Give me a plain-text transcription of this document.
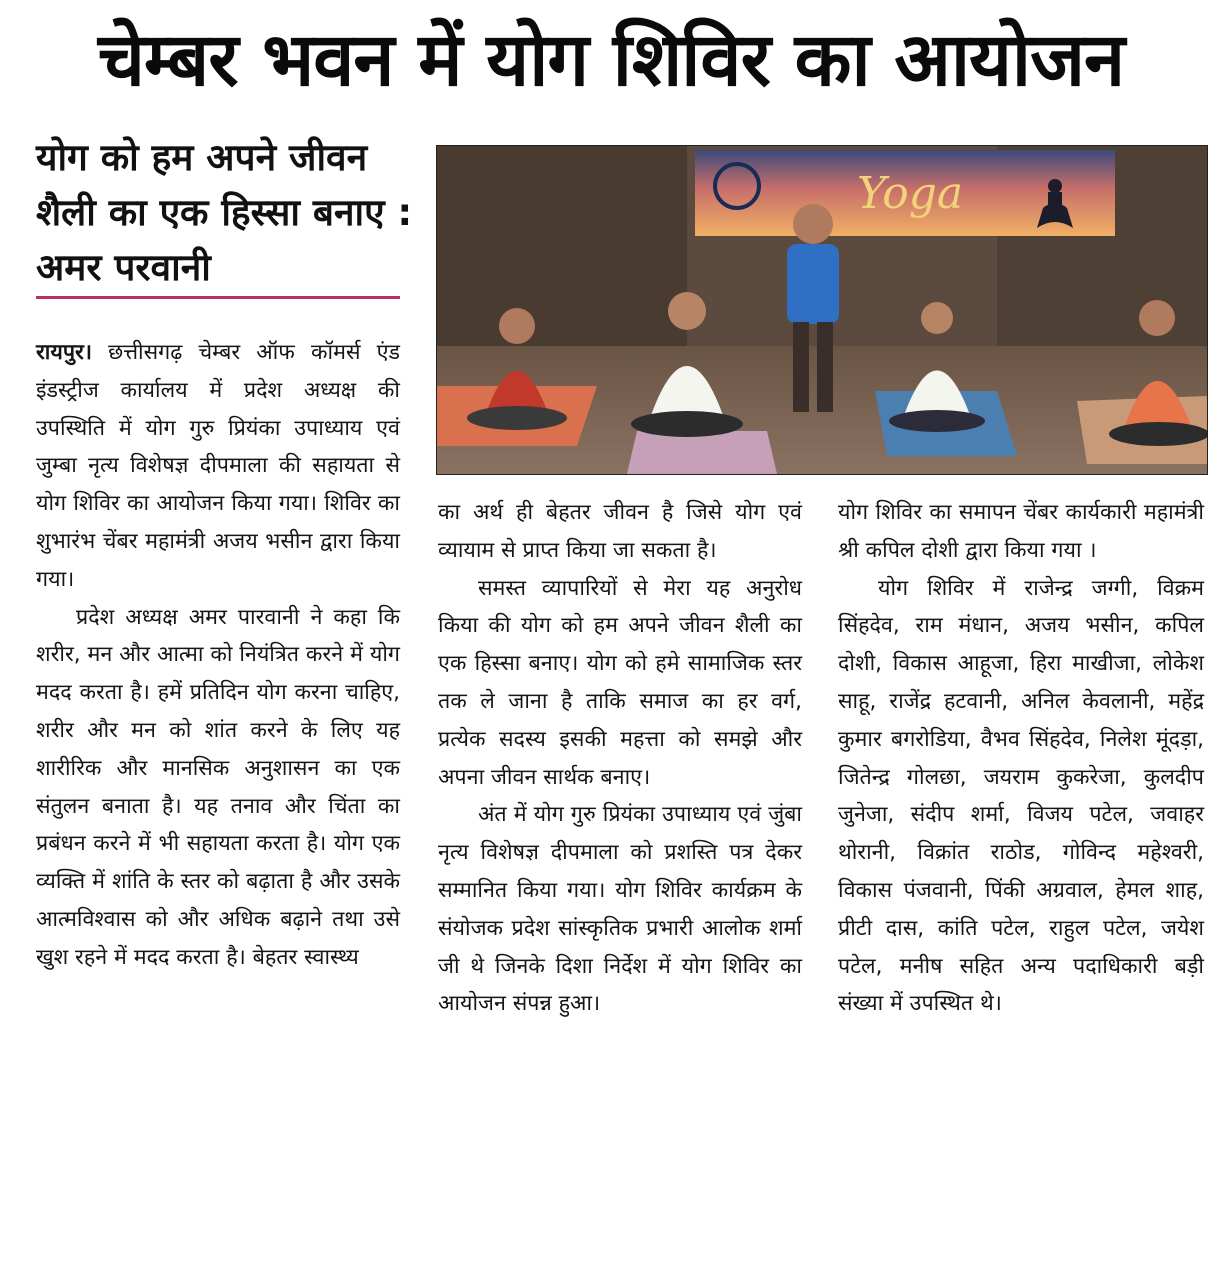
चेम्बर भवन में योग शिविर का आयोजन
योग को हम अपने जीवन शैली का एक हिस्सा बनाए : अमर परवानी
Yoga

रायपुर। छत्तीसगढ़ चेम्बर ऑफ कॉमर्स एंड इंडस्ट्रीज कार्यालय में प्रदेश अध्यक्ष की उपस्थिति में योग गुरु प्रियंका उपाध्याय एवं जुम्बा नृत्य विशेषज्ञ दीपमाला की सहायता से योग शिविर का आयोजन किया गया। शिविर का शुभारंभ चेंबर महामंत्री अजय भसीन द्वारा किया गया।

प्रदेश अध्यक्ष अमर पारवानी ने कहा कि शरीर, मन और आत्मा को नियंत्रित करने में योग मदद करता है। हमें प्रतिदिन योग करना चाहिए, शरीर और मन को शांत करने के लिए यह शारीरिक और मानसिक अनुशासन का एक संतुलन बनाता है। यह तनाव और चिंता का प्रबंधन करने में भी सहायता करता है। योग एक व्यक्ति में शांति के स्तर को बढ़ाता है और उसके आत्मविश्वास को और अधिक बढ़ाने तथा उसे खुश रहने में मदद करता है। बेहतर स्वास्थ्य

का अर्थ ही बेहतर जीवन है जिसे योग एवं व्यायाम से प्राप्त किया जा सकता है।

समस्त व्यापारियों से मेरा यह अनुरोध किया की योग को हम अपने जीवन शैली का एक हिस्सा बनाए। योग को हमे सामाजिक स्तर तक ले जाना है ताकि समाज का हर वर्ग, प्रत्येक सदस्य इसकी महत्ता को समझे और अपना जीवन सार्थक बनाए।

अंत में योग गुरु प्रियंका उपाध्याय एवं जुंबा नृत्य विशेषज्ञ दीपमाला को प्रशस्ति पत्र देकर सम्मानित किया गया। योग शिविर कार्यक्रम के संयोजक प्रदेश सांस्कृतिक प्रभारी आलोक शर्मा जी थे जिनके दिशा निर्देश में योग शिविर का आयोजन संपन्न हुआ।

योग शिविर का समापन चेंबर कार्यकारी महामंत्री श्री कपिल दोशी द्वारा किया गया ।

योग शिविर में राजेन्द्र जग्गी, विक्रम सिंहदेव, राम मंधान, अजय भसीन, कपिल दोशी, विकास आहूजा, हिरा माखीजा, लोकेश साहू, राजेंद्र हटवानी, अनिल केवलानी, महेंद्र कुमार बगरोडिया, वैभव सिंहदेव, निलेश मूंदड़ा, जितेन्द्र गोलछा, जयराम कुकरेजा, कुलदीप जुनेजा, संदीप शर्मा, विजय पटेल, जवाहर थोरानी, विक्रांत राठोड, गोविन्द महेश्वरी, विकास पंजवानी, पिंकी अग्रवाल, हेमल शाह, प्रीटी दास, कांति पटेल, राहुल पटेल, जयेश पटेल, मनीष सहित अन्य पदाधिकारी बड़ी संख्या में उपस्थित थे।
